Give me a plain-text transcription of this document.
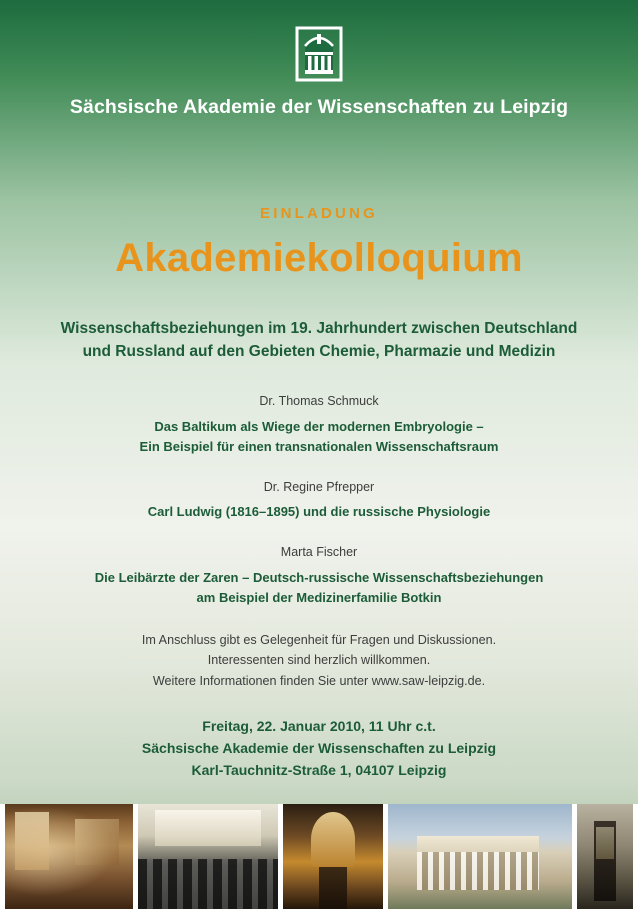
Sächsische Akademie der Wissenschaften zu Leipzig
EINLADUNG
Akademiekolloquium
Wissenschaftsbeziehungen im 19. Jahrhundert zwischen Deutschland
und Russland auf den Gebieten Chemie, Pharmazie und Medizin
Dr. Thomas Schmuck
Das Baltikum als Wiege der modernen Embryologie –
Ein Beispiel für einen transnationalen Wissenschaftsraum
Dr. Regine Pfrepper
Carl Ludwig (1816–1895) und die russische Physiologie
Marta Fischer
Die Leibärzte der Zaren – Deutsch-russische Wissenschaftsbeziehungen
am Beispiel der Medizinerfamilie Botkin
Im Anschluss gibt es Gelegenheit für Fragen und Diskussionen.
Interessenten sind herzlich willkommen.
Weitere Informationen finden Sie unter www.saw-leipzig.de.
Freitag, 22. Januar 2010, 11 Uhr c.t.
Sächsische Akademie der Wissenschaften zu Leipzig
Karl-Tauchnitz-Straße 1, 04107 Leipzig
